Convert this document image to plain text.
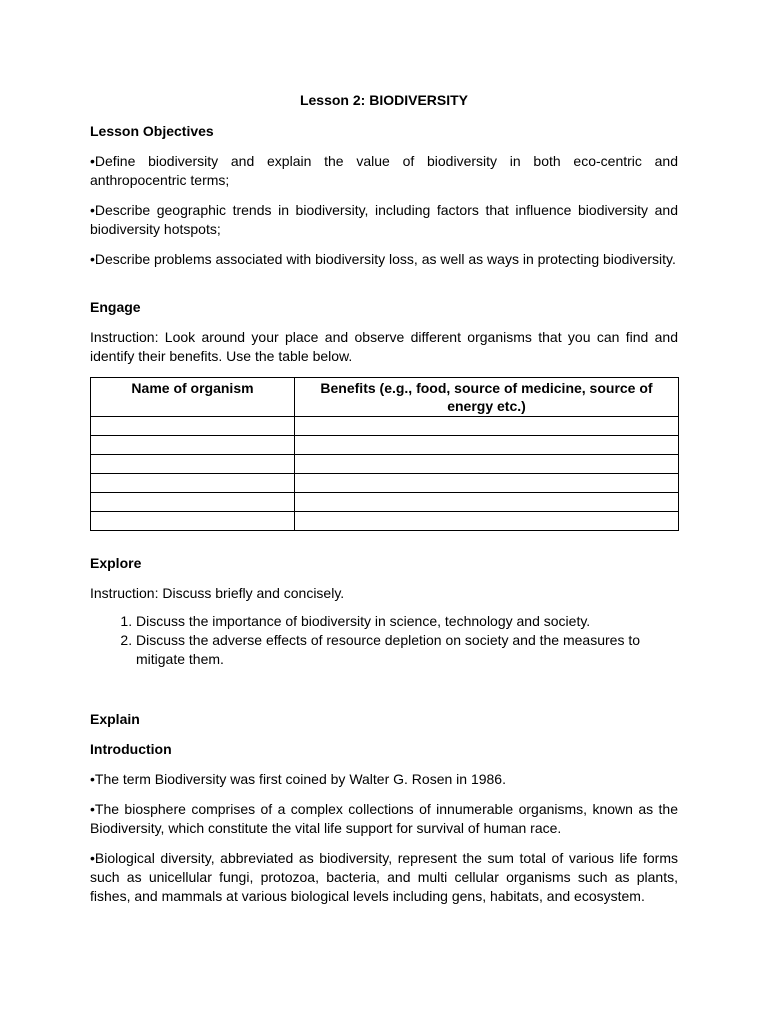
Lesson 2: BIODIVERSITY
Lesson Objectives
•Define biodiversity and explain the value of biodiversity in both eco-centric and anthropocentric terms;
•Describe geographic trends in biodiversity, including factors that influence biodiversity and biodiversity hotspots;
•Describe problems associated with biodiversity loss, as well as ways in protecting biodiversity.
Engage
Instruction: Look around your place and observe different organisms that you can find and identify their benefits. Use the table below.
Name of organism	Benefits (e.g., food, source of medicine, source of energy etc.)

Explore
Instruction: Discuss briefly and concisely.
1. Discuss the importance of biodiversity in science, technology and society.
2. Discuss the adverse effects of resource depletion on society and the measures to mitigate them.
Explain
Introduction
•The term Biodiversity was first coined by Walter G. Rosen in 1986.
•The biosphere comprises of a complex collections of innumerable organisms, known as the Biodiversity, which constitute the vital life support for survival of human race.
•Biological diversity, abbreviated as biodiversity, represent the sum total of various life forms such as unicellular fungi, protozoa, bacteria, and multi cellular organisms such as plants, fishes, and mammals at various biological levels including gens, habitats, and ecosystem.
